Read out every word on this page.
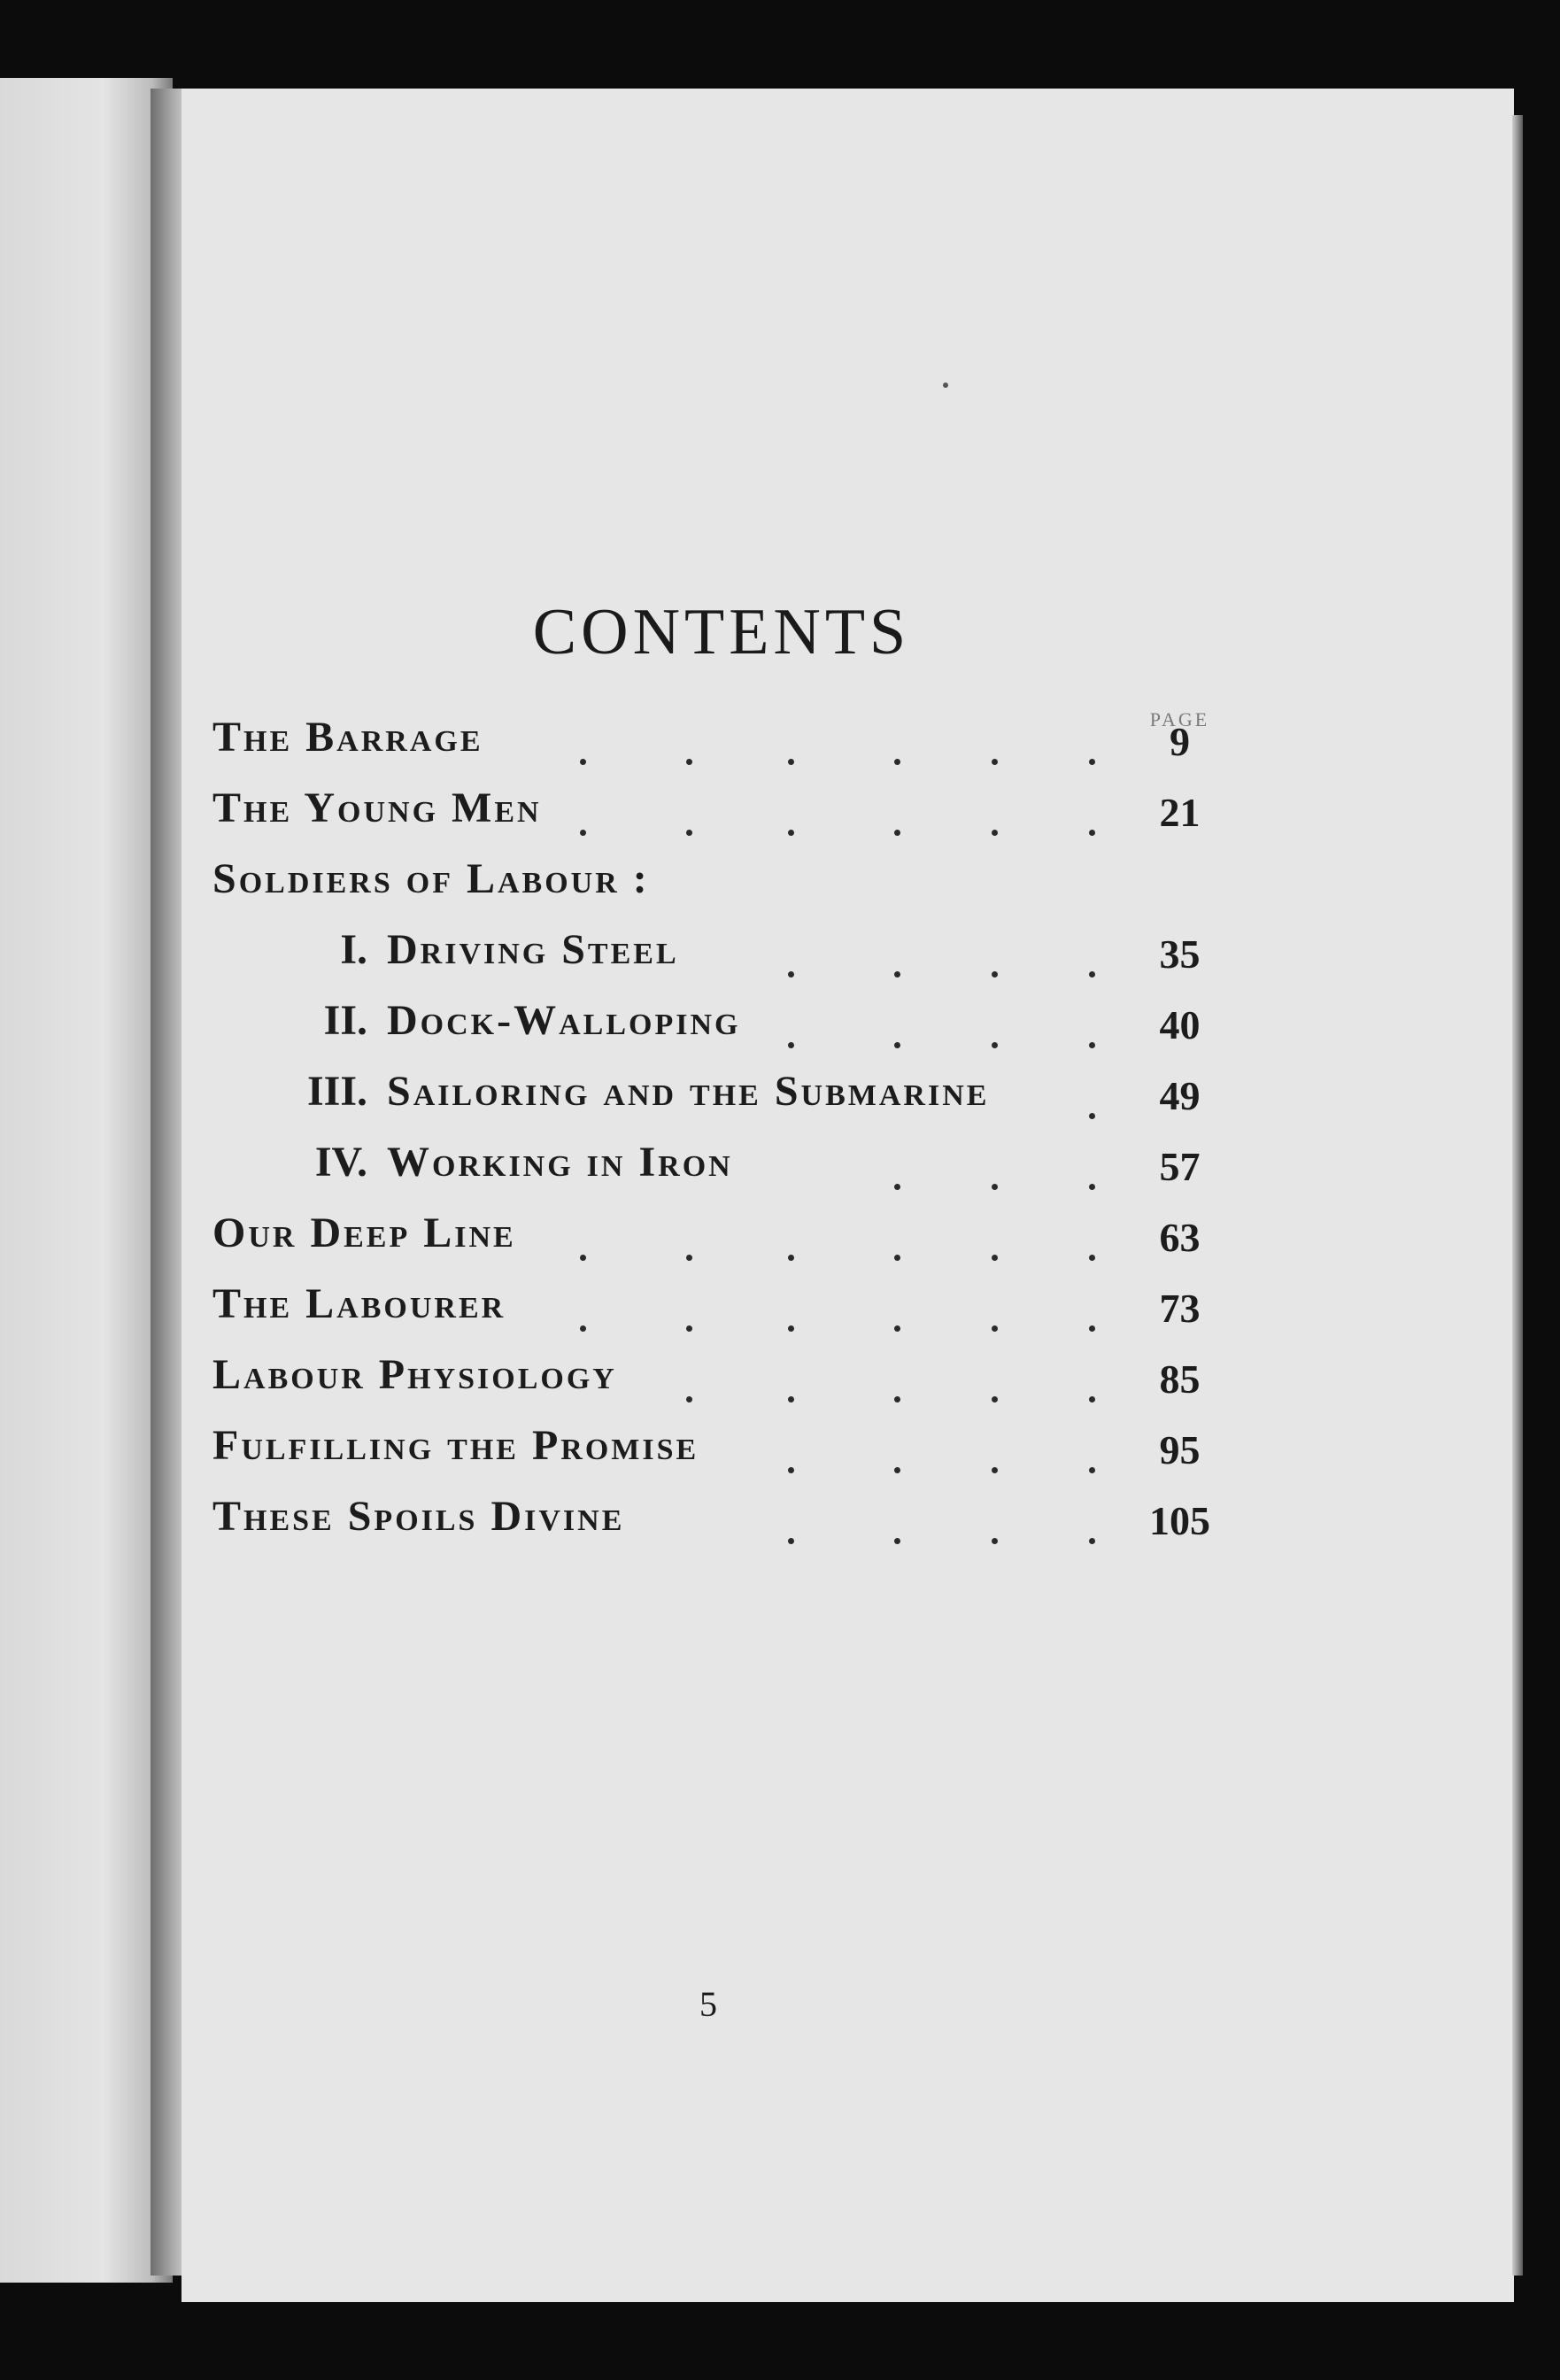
CONTENTS
PAGE
The Barrage	9
The Young Men	21
Soldiers of Labour :
I. Driving Steel	35
II. Dock-Walloping	40
III. Sailoring and the Submarine	49
IV. Working in Iron	57
Our Deep Line	63
The Labourer	73
Labour Physiology	85
Fulfilling the Promise	95
These Spoils Divine	105
5
